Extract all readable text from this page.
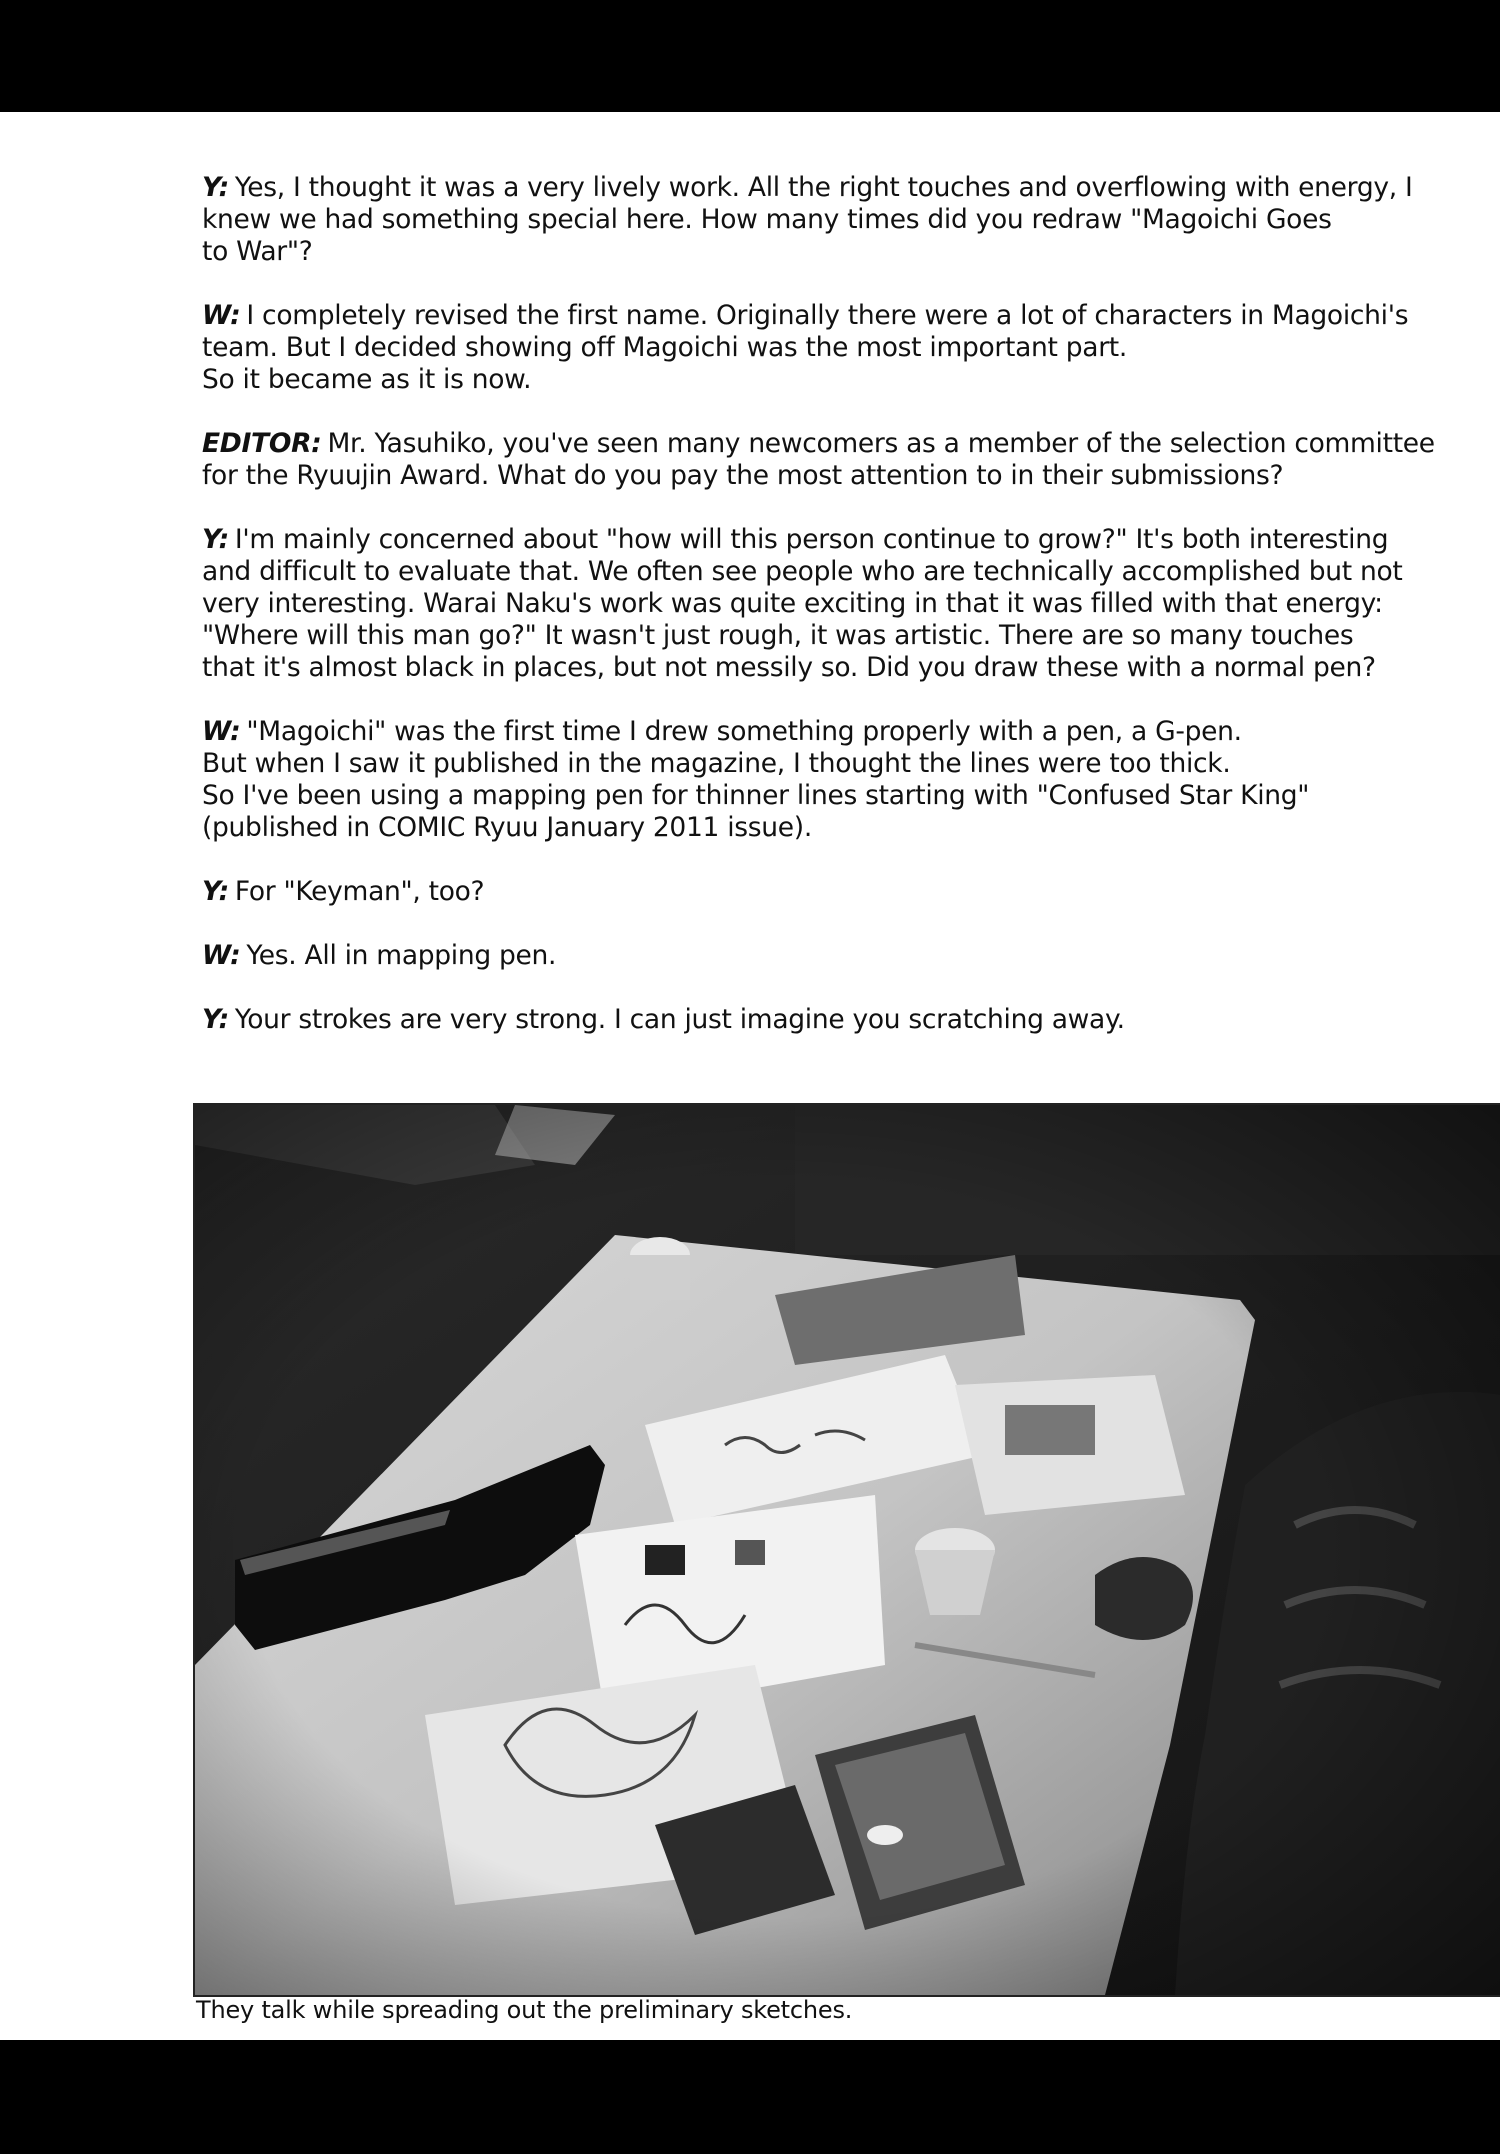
Y: Yes, I thought it was a very lively work. All the right touches and overflowing with energy, I
knew we had something special here. How many times did you redraw "Magoichi Goes
to War"?
W: I completely revised the first name. Originally there were a lot of characters in Magoichi's
team. But I decided showing off Magoichi was the most important part.
So it became as it is now.
EDITOR: Mr. Yasuhiko, you've seen many newcomers as a member of the selection committee
for the Ryuujin Award. What do you pay the most attention to in their submissions?
Y: I'm mainly concerned about "how will this person continue to grow?" It's both interesting
and difficult to evaluate that. We often see people who are technically accomplished but not
very interesting. Warai Naku's work was quite exciting in that it was filled with that energy:
"Where will this man go?" It wasn't just rough, it was artistic. There are so many touches
that it's almost black in places, but not messily so. Did you draw these with a normal pen?
W: "Magoichi" was the first time I drew something properly with a pen, a G-pen.
But when I saw it published in the magazine, I thought the lines were too thick.
So I've been using a mapping pen for thinner lines starting with "Confused Star King"
(published in COMIC Ryuu January 2011 issue).
Y: For "Keyman", too?
W: Yes. All in mapping pen.
Y: Your strokes are very strong. I can just imagine you scratching away.
They talk while spreading out the preliminary sketches.
